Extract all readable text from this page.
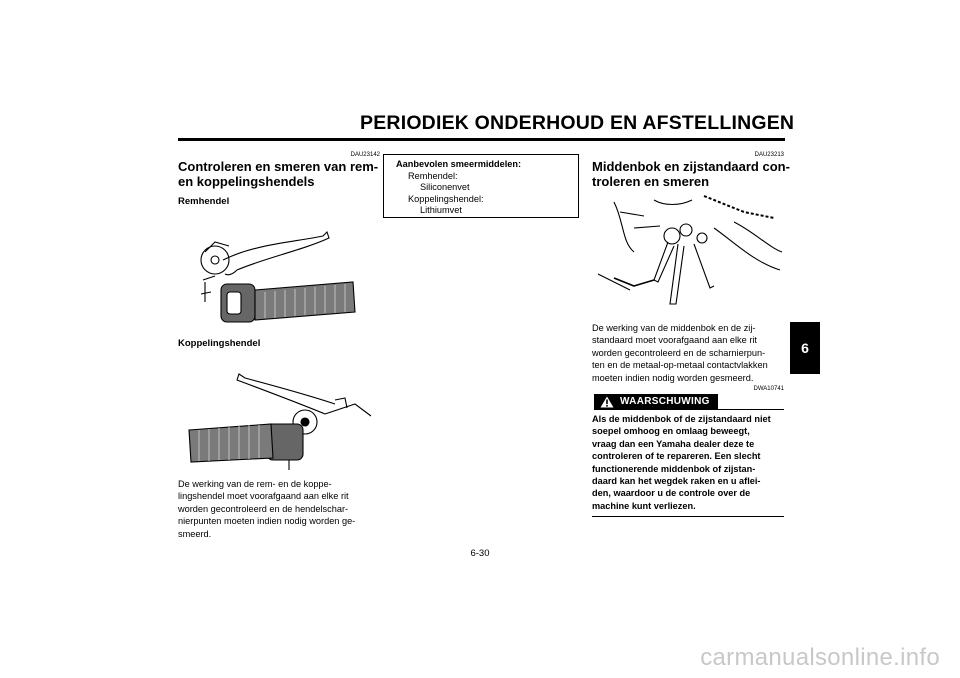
PERIODIEK ONDERHOUD EN AFSTELLINGEN
6
DAU23142
Controleren en smeren van rem-
en koppelingshendels
Remhendel
Koppelingshendel
De werking van de rem- en de koppe-
lingshendel moet voorafgaand aan elke rit
worden gecontroleerd en de hendelschar-
nierpunten moeten indien nodig worden ge-
smeerd.
Aanbevolen smeermiddelen:
Remhendel:
Siliconenvet
Koppelingshendel:
Lithiumvet
DAU23213
Middenbok en zijstandaard con-
troleren en smeren
De werking van de middenbok en de zij-
standaard moet voorafgaand aan elke rit
worden gecontroleerd en de scharnierpun-
ten en de metaal-op-metaal contactvlakken
moeten indien nodig worden gesmeerd.
DWA10741
WAARSCHUWING
Als de middenbok of de zijstandaard niet
soepel omhoog en omlaag beweegt,
vraag dan een Yamaha dealer deze te
controleren of te repareren. Een slecht
functionerende middenbok of zijstan-
daard kan het wegdek raken en u aflei-
den, waardoor u de controle over de
machine kunt verliezen.
6-30
carmanualsonline.info
